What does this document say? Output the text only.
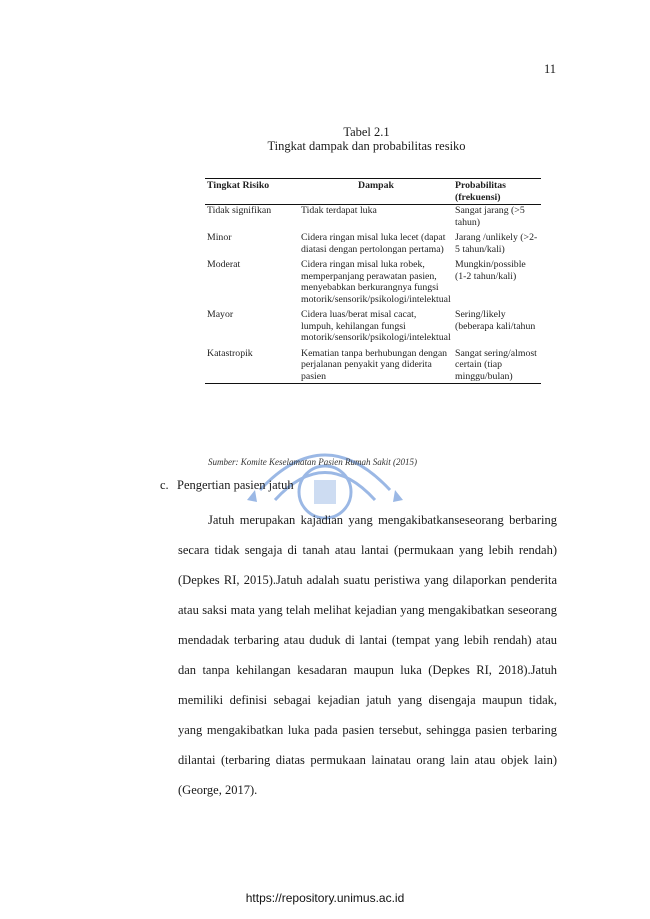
11
Tabel 2.1
Tingkat dampak dan probabilitas resiko
Tingkat Risiko	Dampak	Probabilitas (frekuensi)
Tidak signifikan	Tidak terdapat luka	Sangat jarang (>5 tahun)
Minor	Cidera ringan misal luka lecet (dapat diatasi dengan pertolongan pertama)	Jarang /unlikely (>2-5 tahun/kali)
Moderat	Cidera ringan misal luka robek, memperpanjang perawatan pasien, menyebabkan berkurangnya fungsi motorik/sensorik/psikologi/intelektual	Mungkin/possible (1-2 tahun/kali)
Mayor	Cidera luas/berat misal cacat, lumpuh, kehilangan fungsi motorik/sensorik/psikologi/intelektual	Sering/likely (beberapa kali/tahun
Katastropik	Kematian tanpa berhubungan dengan perjalanan penyakit yang diderita pasien	Sangat sering/almost certain (tiap minggu/bulan)
Sumber: Komite Keselamatan Pasien Rumah Sakit (2015)
c. Pengertian pasien jatuh

Jatuh merupakan kajadian yang mengakibatkanseseorang berbaring secara tidak sengaja di tanah atau lantai (permukaan yang lebih rendah) (Depkes RI, 2015).Jatuh adalah suatu peristiwa yang dilaporkan penderita atau saksi mata yang telah melihat kejadian yang mengakibatkan seseorang mendadak terbaring atau duduk di lantai (tempat yang lebih rendah) atau dan tanpa kehilangan kesadaran maupun luka (Depkes RI, 2018).Jatuh memiliki definisi sebagai kejadian jatuh yang disengaja maupun tidak, yang mengakibatkan luka pada pasien tersebut, sehingga pasien terbaring dilantai (terbaring diatas permukaan lainatau orang lain atau objek lain) (George, 2017).

https://repository.unimus.ac.id
